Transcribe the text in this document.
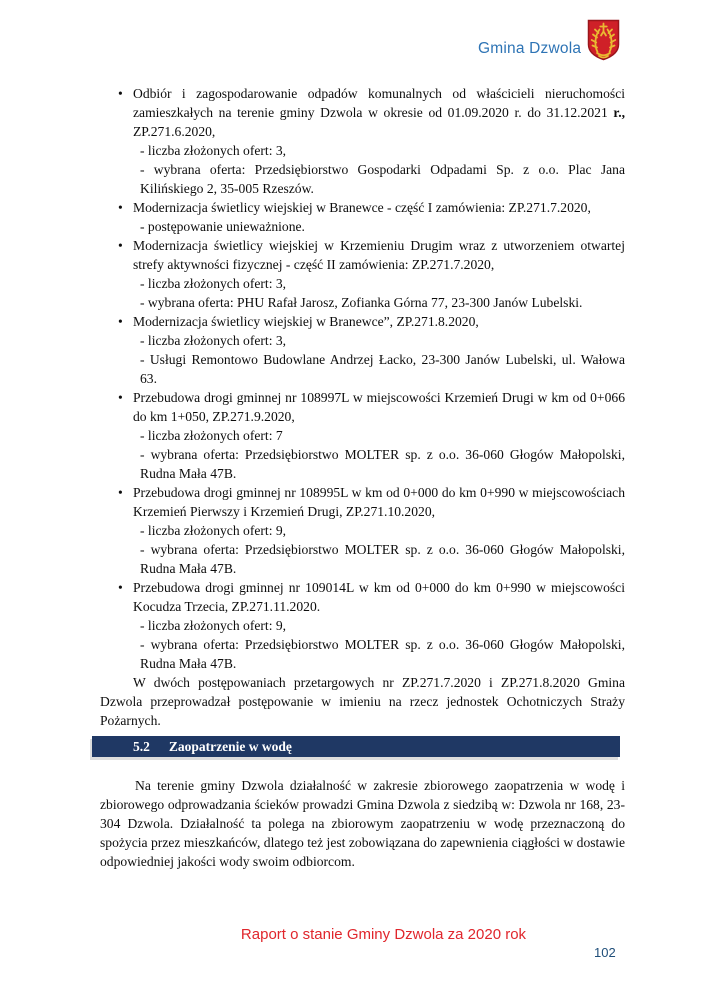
Gmina Dzwola

• Odbiór i zagospodarowanie odpadów komunalnych od właścicieli nieruchomości zamieszkałych na terenie gminy Dzwola w okresie od 01.09.2020 r. do 31.12.2021 r., ZP.271.6.2020,

- liczba złożonych ofert: 3,

- wybrana oferta: Przedsiębiorstwo Gospodarki Odpadami Sp. z o.o. Plac Jana Kilińskiego 2, 35-005 Rzeszów.

• Modernizacja świetlicy wiejskiej w Branewce - część I zamówienia: ZP.271.7.2020,

- postępowanie unieważnione.

• Modernizacja świetlicy wiejskiej w Krzemieniu Drugim wraz z utworzeniem otwartej strefy aktywności fizycznej - część II zamówienia: ZP.271.7.2020,

- liczba złożonych ofert: 3,

- wybrana oferta: PHU Rafał Jarosz, Zofianka Górna 77, 23-300 Janów Lubelski.

• Modernizacja świetlicy wiejskiej w Branewce”, ZP.271.8.2020,

- liczba złożonych ofert: 3,

- Usługi Remontowo Budowlane Andrzej Łacko, 23-300 Janów Lubelski, ul. Wałowa 63.

• Przebudowa drogi gminnej nr 108997L w miejscowości Krzemień Drugi w km od 0+066 do km 1+050, ZP.271.9.2020,

- liczba złożonych ofert: 7

- wybrana oferta: Przedsiębiorstwo MOLTER sp. z o.o. 36-060 Głogów Małopolski, Rudna Mała 47B.

• Przebudowa drogi gminnej nr 108995L w km od 0+000 do km 0+990 w miejscowościach Krzemień Pierwszy i Krzemień Drugi, ZP.271.10.2020,

- liczba złożonych ofert: 9,

- wybrana oferta: Przedsiębiorstwo MOLTER sp. z o.o. 36-060 Głogów Małopolski, Rudna Mała 47B.

• Przebudowa drogi gminnej nr 109014L w km od 0+000 do km 0+990 w miejscowości Kocudza Trzecia, ZP.271.11.2020.

- liczba złożonych ofert: 9,

- wybrana oferta: Przedsiębiorstwo MOLTER sp. z o.o. 36-060 Głogów Małopolski, Rudna Mała 47B.

W dwóch postępowaniach przetargowych nr ZP.271.7.2020 i ZP.271.8.2020 Gmina Dzwola przeprowadzał postępowanie w imieniu na rzecz jednostek Ochotniczych Straży Pożarnych.

5.2 Zaopatrzenie w wodę

Na terenie gminy Dzwola działalność w zakresie zbiorowego zaopatrzenia w wodę i zbiorowego odprowadzania ścieków prowadzi Gmina Dzwola z siedzibą w: Dzwola nr 168, 23-304 Dzwola. Działalność ta polega na zbiorowym zaopatrzeniu w wodę przeznaczoną do spożycia przez mieszkańców, dlatego też jest zobowiązana do zapewnienia ciągłości w dostawie odpowiedniej jakości wody swoim odbiorcom.

Raport o stanie Gminy Dzwola za 2020 rok
102
